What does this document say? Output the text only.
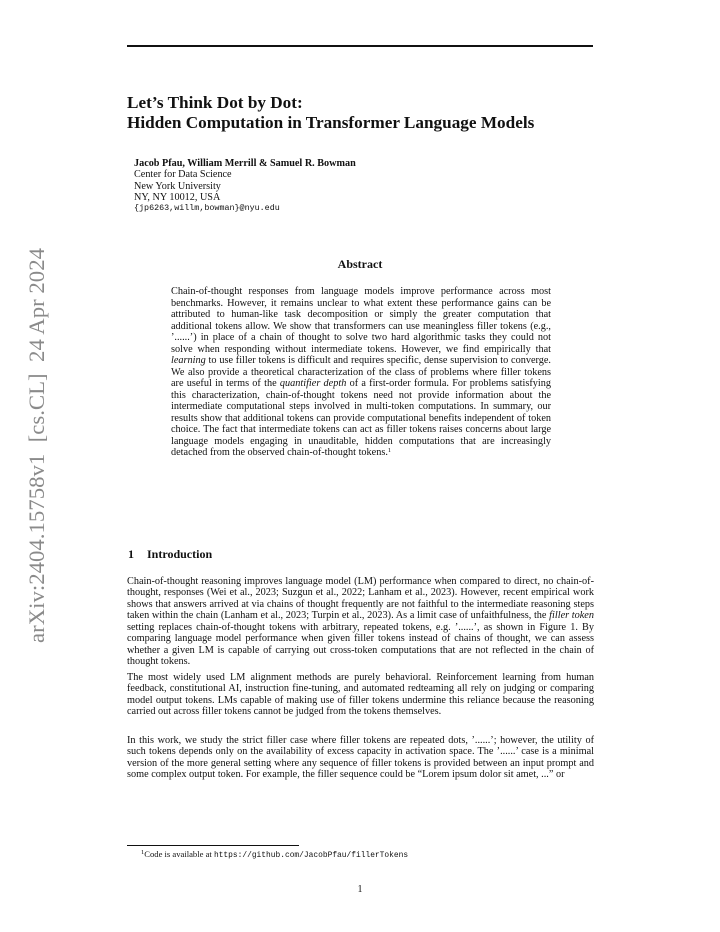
arXiv:2404.15758v1  [cs.CL]  24 Apr 2024
Let’s Think Dot by Dot:
Hidden Computation in Transformer Language Models
Jacob Pfau, William Merrill & Samuel R. Bowman
Center for Data Science
New York University
NY, NY 10012, USA
{jp6263,willm,bowman}@nyu.edu
Abstract

Chain-of-thought responses from language models improve performance across most benchmarks. However, it remains unclear to what extent these performance gains can be attributed to human-like task decomposition or simply the greater computation that additional tokens allow. We show that transformers can use meaningless filler tokens (e.g., ’......’) in place of a chain of thought to solve two hard algorithmic tasks they could not solve when responding without intermediate tokens. However, we find empirically that learning to use filler tokens is difficult and requires specific, dense supervision to converge. We also provide a theoretical characterization of the class of problems where filler tokens are useful in terms of the quantifier depth of a first-order formula. For problems satisfying this characterization, chain-of-thought tokens need not provide information about the intermediate computational steps involved in multi-token computations. In summary, our results show that additional tokens can provide computational benefits independent of token choice. The fact that intermediate tokens can act as filler tokens raises concerns about large language models engaging in unauditable, hidden computations that are increasingly detached from the observed chain-of-thought tokens.$^1$

1 Introduction

Chain-of-thought reasoning improves language model (LM) performance when compared to direct, no chain-of-thought, responses (Wei et al., 2023; Suzgun et al., 2022; Lanham et al., 2023). However, recent empirical work shows that answers arrived at via chains of thought frequently are not faithful to the intermediate reasoning steps taken within the chain (Lanham et al., 2023; Turpin et al., 2023). As a limit case of unfaithfulness, the filler token setting replaces chain-of-thought tokens with arbitrary, repeated tokens, e.g. ’......’, as shown in Figure 1. By comparing language model performance when given filler tokens instead of chains of thought, we can assess whether a given LM is capable of carrying out cross-token computations that are not reflected in the chain of thought tokens.

The most widely used LM alignment methods are purely behavioral. Reinforcement learning from human feedback, constitutional AI, instruction fine-tuning, and automated redteaming all rely on judging or comparing model output tokens. LMs capable of making use of filler tokens undermine this reliance because the reasoning carried out across filler tokens cannot be judged from the tokens themselves.

In this work, we study the strict filler case where filler tokens are repeated dots, ’......’; however, the utility of such tokens depends only on the availability of excess capacity in activation space. The ’......’ case is a minimal version of the more general setting where any sequence of filler tokens is provided between an input prompt and some complex output token. For example, the filler sequence could be “Lorem ipsum dolor sit amet, ...” or

$^1$Code is available at https://github.com/JacobPfau/fillerTokens
1
